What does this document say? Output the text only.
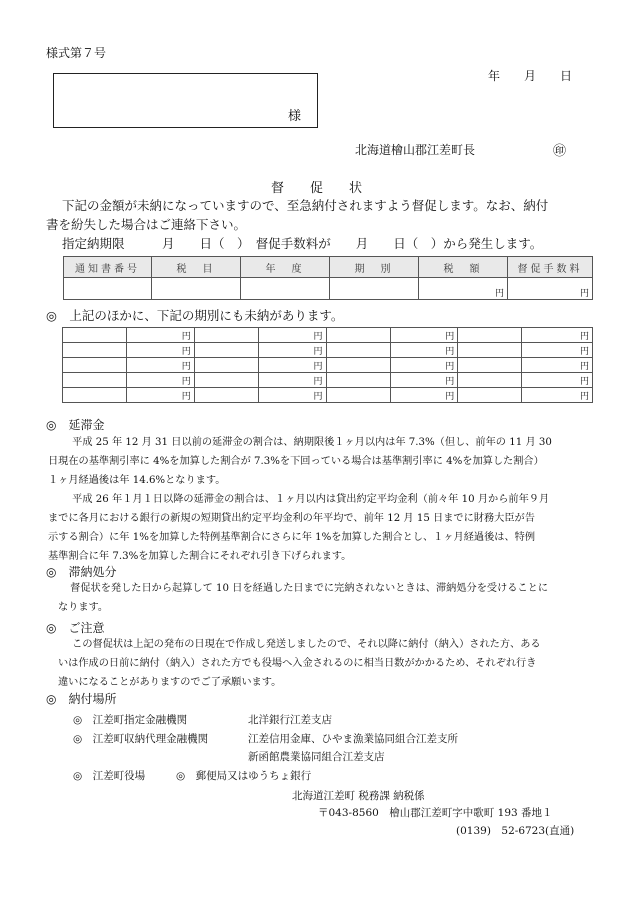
様式第７号
年　　月　　日
様
北海道檜山郡江差町長	㊞
督　　促　　状
下記の金額が未納になっていますので、至急納付されますよう督促します。なお、納付
書を紛失した場合はご連絡下さい。
指定納期限　　　月　　日（　）　督促手数料が　　月　　日（　）から発生します。
通知書番号	税　目	年　度	期　別	税　額	督促手数料
				円	円
◎　上記のほかに、下記の期別にも未納があります。
	円		円		円		円
	円		円		円		円
	円		円		円		円
	円		円		円		円
	円		円		円		円
◎　延滞金
　平成 25 年 12 月 31 日以前の延滞金の割合は、納期限後１ヶ月以内は年 7.3%（但し、前年の 11 月 30
日現在の基準割引率に 4%を加算した割合が 7.3%を下回っている場合は基準割引率に 4%を加算した割合）
１ヶ月経過後は年 14.6%となります。
　平成 26 年１月１日以降の延滞金の割合は、１ヶ月以内は貸出約定平均金利（前々年 10 月から前年９月
までに各月における銀行の新規の短期貸出約定平均金利の年平均で、前年 12 月 15 日までに財務大臣が告
示する割合）に年 1%を加算した特例基準割合にさらに年 1%を加算した割合とし、１ヶ月経過後は、特例
基準割合に年 7.3%を加算した割合にそれぞれ引き下げられます。
◎　滞納処分
　督促状を発した日から起算して 10 日を経過した日までに完納されないときは、滞納処分を受けることに
なります。
◎　ご注意
　この督促状は上記の発布の日現在で作成し発送しましたので、それ以降に納付（納入）された方、ある
いは作成の日前に納付（納入）された方でも役場へ入金されるのに相当日数がかかるため、それぞれ行き
違いになることがありますのでご了承願います。
◎　納付場所
◎　江差町指定金融機関	北洋銀行江差支店
◎　江差町収納代理金融機関	江差信用金庫、ひやま漁業協同組合江差支所
新函館農業協同組合江差支店
◎　江差町役場	◎　郵便局又はゆうちょ銀行
北海道江差町 税務課 納税係
〒043-8560　檜山郡江差町字中歌町 193 番地１
(0139)　52-6723(直通)
